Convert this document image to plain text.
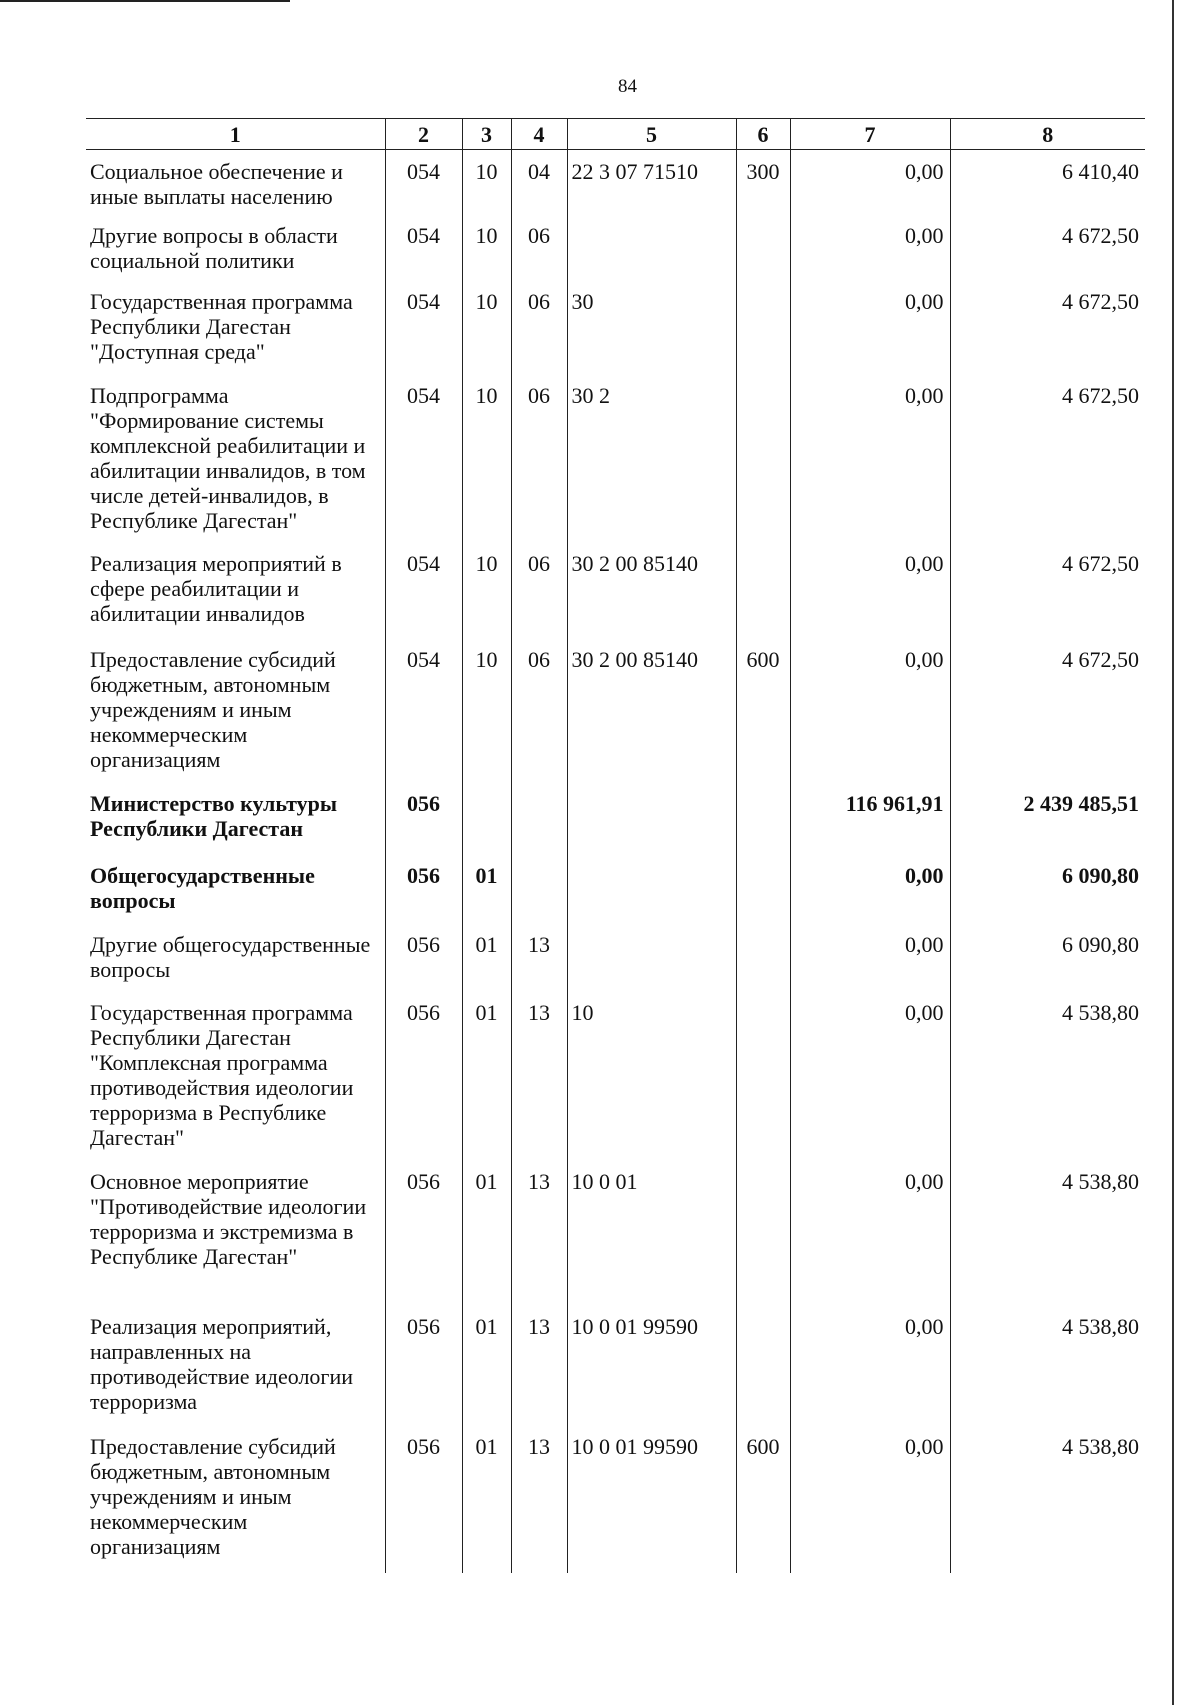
84
1	2	3	4	5	6	7	8
Социальное обеспечение и иные выплаты населению	054	10	04	22 3 07 71510	300	0,00	6 410,40
Другие вопросы в области социальной политики	054	10	06			0,00	4 672,50
Государственная программа Республики Дагестан "Доступная среда"	054	10	06	30		0,00	4 672,50
Подпрограмма "Формирование системы комплексной реабилитации и абилитации инвалидов, в том числе детей-инвалидов, в Республике Дагестан"	054	10	06	30 2		0,00	4 672,50
Реализация мероприятий в сфере реабилитации и абилитации инвалидов	054	10	06	30 2 00 85140		0,00	4 672,50
Предоставление субсидий бюджетным, автономным учреждениям и иным некоммерческим организациям	054	10	06	30 2 00 85140	600	0,00	4 672,50
Министерство культуры Республики Дагестан	056					116 961,91	2 439 485,51
Общегосударственные вопросы	056	01				0,00	6 090,80
Другие общегосударственные вопросы	056	01	13			0,00	6 090,80
Государственная программа Республики Дагестан "Комплексная программа противодействия идеологии терроризма в Республике Дагестан"	056	01	13	10		0,00	4 538,80
Основное мероприятие "Противодействие идеологии терроризма и экстремизма в Республике Дагестан"	056	01	13	10 0 01		0,00	4 538,80
Реализация мероприятий, направленных на противодействие идеологии терроризма	056	01	13	10 0 01 99590		0,00	4 538,80
Предоставление субсидий бюджетным, автономным учреждениям и иным некоммерческим организациям	056	01	13	10 0 01 99590	600	0,00	4 538,80
